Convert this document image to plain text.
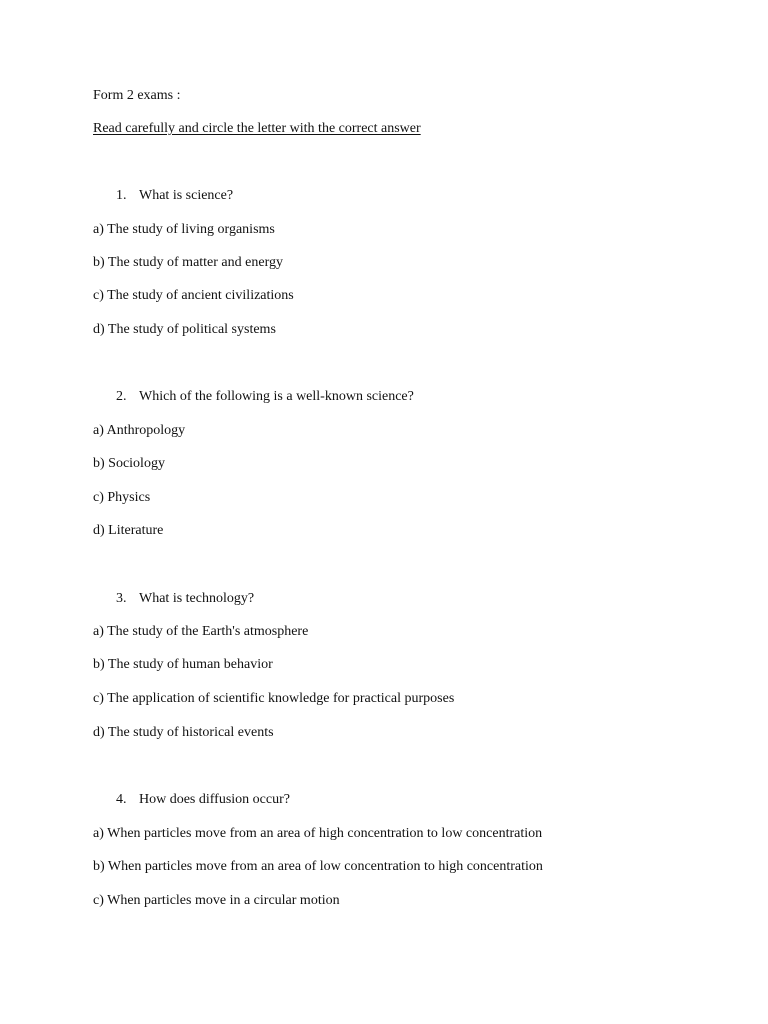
Form 2 exams :
Read carefully and circle the letter with the correct answer
1. What is science?
a) The study of living organisms
b) The study of matter and energy
c) The study of ancient civilizations
d) The study of political systems
2. Which of the following is a well-known science?
a) Anthropology
b) Sociology
c) Physics
d) Literature
3. What is technology?
a) The study of the Earth's atmosphere
b) The study of human behavior
c) The application of scientific knowledge for practical purposes
d) The study of historical events
4. How does diffusion occur?
a) When particles move from an area of high concentration to low concentration
b) When particles move from an area of low concentration to high concentration
c) When particles move in a circular motion
